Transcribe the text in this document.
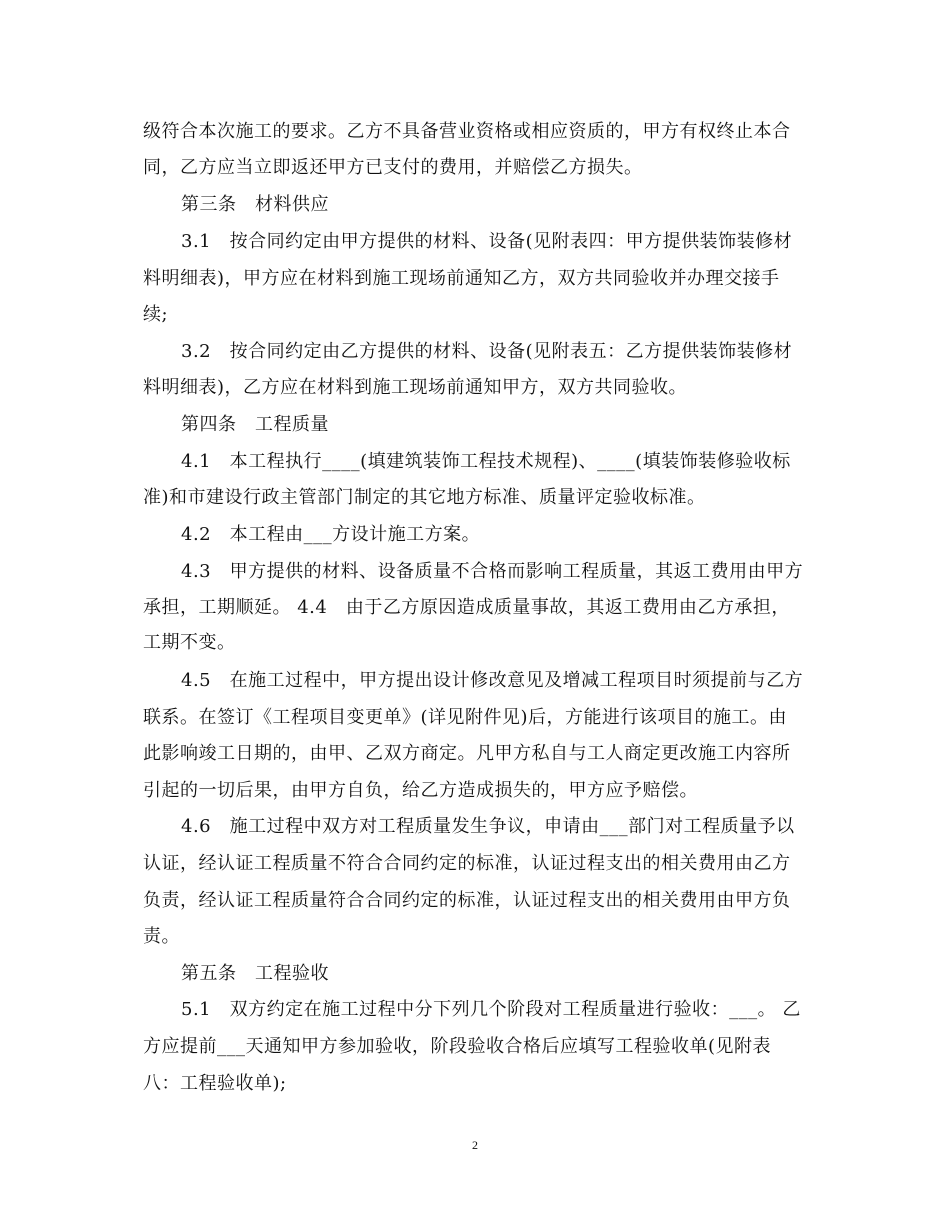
级符合本次施工的要求。乙方不具备营业资格或相应资质的，甲方有权终止本合
同，乙方应当立即返还甲方已支付的费用，并赔偿乙方损失。
第三条　材料供应
3.1　按合同约定由甲方提供的材料、设备(见附表四：甲方提供装饰装修材
料明细表)，甲方应在材料到施工现场前通知乙方，双方共同验收并办理交接手
续;
3.2　按合同约定由乙方提供的材料、设备(见附表五：乙方提供装饰装修材
料明细表)，乙方应在材料到施工现场前通知甲方，双方共同验收。
第四条　工程质量
4.1　本工程执行____(填建筑装饰工程技术规程)、____(填装饰装修验收标
准)和市建设行政主管部门制定的其它地方标准、质量评定验收标准。
4.2　本工程由___方设计施工方案。
4.3　甲方提供的材料、设备质量不合格而影响工程质量，其返工费用由甲方
承担，工期顺延。 4.4　由于乙方原因造成质量事故，其返工费用由乙方承担，
工期不变。
4.5　在施工过程中，甲方提出设计修改意见及增减工程项目时须提前与乙方
联系。在签订《工程项目变更单》(详见附件见)后，方能进行该项目的施工。由
此影响竣工日期的，由甲、乙双方商定。凡甲方私自与工人商定更改施工内容所
引起的一切后果，由甲方自负，给乙方造成损失的，甲方应予赔偿。
4.6　施工过程中双方对工程质量发生争议，申请由___部门对工程质量予以
认证，经认证工程质量不符合合同约定的标准，认证过程支出的相关费用由乙方
负责，经认证工程质量符合合同约定的标准，认证过程支出的相关费用由甲方负
责。
第五条　工程验收
5.1　双方约定在施工过程中分下列几个阶段对工程质量进行验收：___。 乙
方应提前___天通知甲方参加验收，阶段验收合格后应填写工程验收单(见附表
八：工程验收单);
2
